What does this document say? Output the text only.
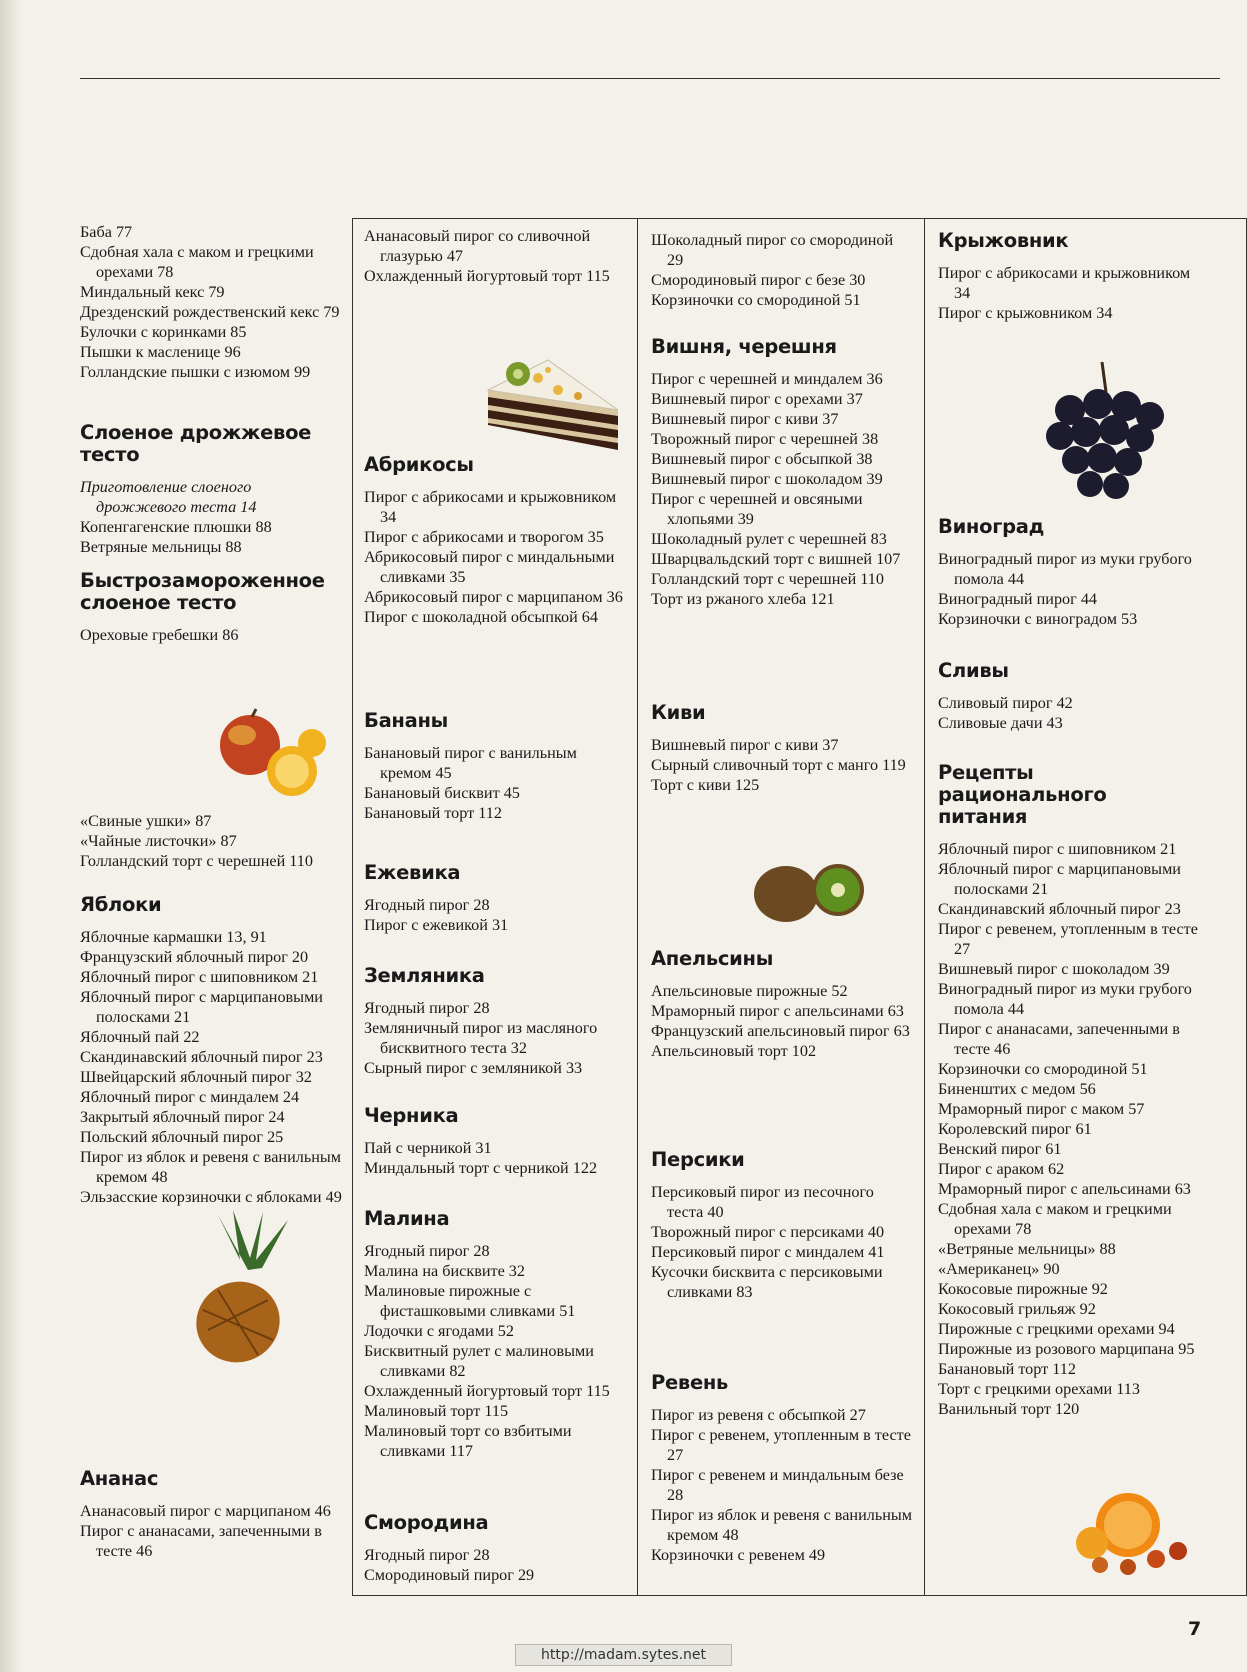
Баба 77
Сдобная хала с маком и грецкими орехами 78
Миндальный кекс 79
Дрезденский рождественский кекс 79
Булочки с коринками 85
Пышки к масленице 96
Голландские пышки с изюмом 99
Слоеное дрожжевое тесто
Приготовление слоеного дрожжевого теста 14
Копенгагенские плюшки 88
Ветряные мельницы 88
Быстрозамороженное слоеное тесто
Ореховые гребешки 86
«Свиные ушки» 87
«Чайные листочки» 87
Голландский торт с черешней 110
Яблоки
Яблочные кармашки 13, 91
Французский яблочный пирог 20
Яблочный пирог с шиповником 21
Яблочный пирог с марципановыми полосками 21
Яблочный пай 22
Скандинавский яблочный пирог 23
Швейцарский яблочный пирог 32
Яблочный пирог с миндалем 24
Закрытый яблочный пирог 24
Польский яблочный пирог 25
Пирог из яблок и ревеня с ванильным кремом 48
Эльзасские корзиночки с яблоками 49
Ананас
Ананасовый пирог с марципаном 46
Пирог с ананасами, запеченными в тесте 46
Ананасовый пирог со сливочной глазурью 47
Охлажденный йогуртовый торт 115
Абрикосы
Пирог с абрикосами и крыжовником 34
Пирог с абрикосами и творогом 35
Абрикосовый пирог с миндальными сливками 35
Абрикосовый пирог с марципаном 36
Пирог с шоколадной обсыпкой 64
Бананы
Банановый пирог с ванильным кремом 45
Банановый бисквит 45
Банановый торт 112
Ежевика
Ягодный пирог 28
Пирог с ежевикой 31
Земляника
Ягодный пирог 28
Земляничный пирог из масляного бисквитного теста 32
Сырный пирог с земляникой 33
Черника
Пай с черникой 31
Миндальный торт с черникой 122
Малина
Ягодный пирог 28
Малина на бисквите 32
Малиновые пирожные с фисташковыми сливками 51
Лодочки с ягодами 52
Бисквитный рулет с малиновыми сливками 82
Охлажденный йогуртовый торт 115
Малиновый торт 115
Малиновый торт со взбитыми сливками 117
Смородина
Ягодный пирог 28
Смородиновый пирог 29
Шоколадный пирог со смородиной 29
Смородиновый пирог с безе 30
Корзиночки со смородиной 51
Вишня, черешня
Пирог с черешней и миндалем 36
Вишневый пирог с орехами 37
Вишневый пирог с киви 37
Творожный пирог с черешней 38
Вишневый пирог с обсыпкой 38
Вишневый пирог с шоколадом 39
Пирог с черешней и овсяными хлопьями 39
Шоколадный рулет с черешней 83
Шварцвальдский торт с вишней 107
Голландский торт с черешней 110
Торт из ржаного хлеба 121
Киви
Вишневый пирог с киви 37
Сырный сливочный торт с манго 119
Торт с киви 125
Апельсины
Апельсиновые пирожные 52
Мраморный пирог с апельсинами 63
Французский апельсиновый пирог 63
Апельсиновый торт 102
Персики
Персиковый пирог из песочного теста 40
Творожный пирог с персиками 40
Персиковый пирог с миндалем 41
Кусочки бисквита с персиковыми сливками 83
Ревень
Пирог из ревеня с обсыпкой 27
Пирог с ревенем, утопленным в тесте 27
Пирог с ревенем и миндальным безе 28
Пирог из яблок и ревеня с ванильным кремом 48
Корзиночки с ревенем 49
Крыжовник
Пирог с абрикосами и крыжовником 34
Пирог с крыжовником 34
Виноград
Виноградный пирог из муки грубого помола 44
Виноградный пирог 44
Корзиночки с виноградом 53
Сливы
Сливовый пирог 42
Сливовые дачи 43
Рецепты рационального питания
Яблочный пирог с шиповником 21
Яблочный пирог с марципановыми полосками 21
Скандинавский яблочный пирог 23
Пирог с ревенем, утопленным в тесте 27
Вишневый пирог с шоколадом 39
Виноградный пирог из муки грубого помола 44
Пирог с ананасами, запеченными в тесте 46
Корзиночки со смородиной 51
Биненштих с медом 56
Мраморный пирог с маком 57
Королевский пирог 61
Венский пирог 61
Пирог с араком 62
Мраморный пирог с апельсинами 63
Сдобная хала с маком и грецкими орехами 78
«Ветряные мельницы» 88
«Американец» 90
Кокосовые пирожные 92
Кокосовый грильяж 92
Пирожные с грецкими орехами 94
Пирожные из розового марципана 95
Банановый торт 112
Торт с грецкими орехами 113
Ванильный торт 120
7
http://madam.sytes.net
